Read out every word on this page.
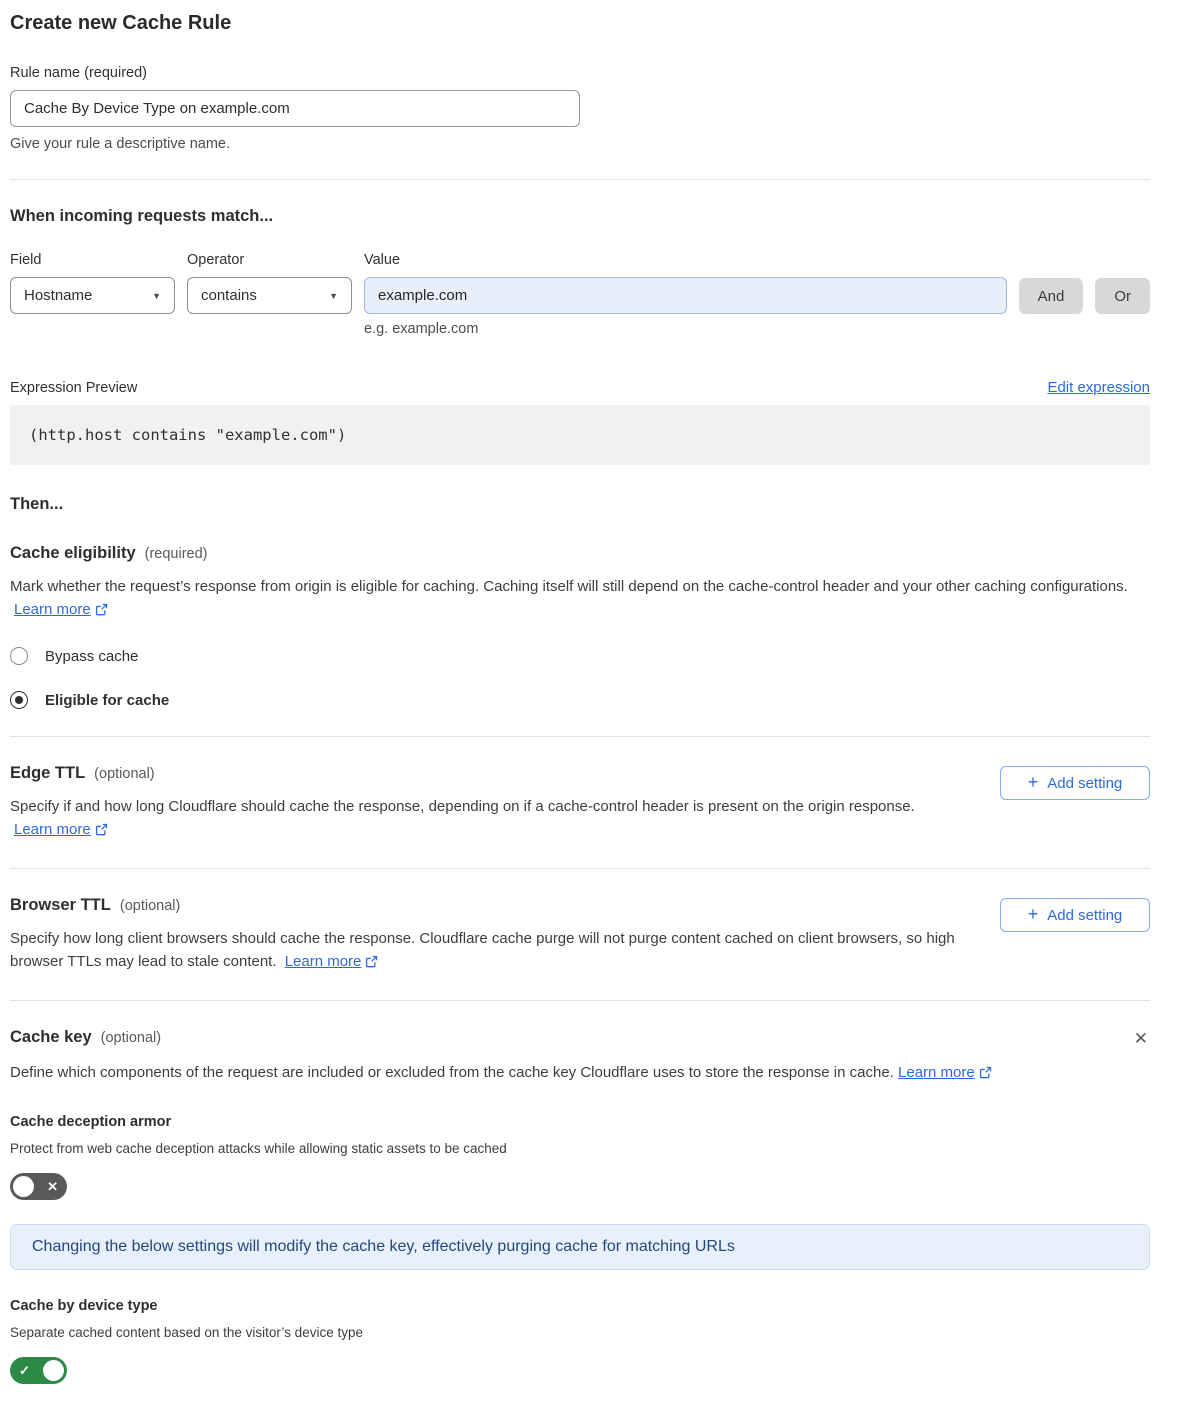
Create new Cache Rule
Rule name (required)
Cache By Device Type on example.com
Give your rule a descriptive name.
When incoming requests match...
Field
Hostname	▼
Operator
contains	▼
Value
example.com
And	Or
e.g. example.com
Expression Preview	Edit expression
(http.host contains "example.com")
Then...
Cache eligibility (required)

Mark whether the request’s response from origin is eligible for caching. Caching itself will still depend on the cache-control header and your other caching configurations. Learn more

Bypass cache
Eligible for cache
Edge TTL (optional)

Specify if and how long Cloudflare should cache the response, depending on if a cache-control header is present on the origin response. Learn more

+ Add setting
Browser TTL (optional)

Specify how long client browsers should cache the response. Cloudflare cache purge will not purge content cached on client browsers, so high browser TTLs may lead to stale content. Learn more

+ Add setting
Cache key (optional)	✕

Define which components of the request are included or excluded from the cache key Cloudflare uses to store the response in cache. Learn more

Cache deception armor
Protect from web cache deception attacks while allowing static assets to be cached
✕
Changing the below settings will modify the cache key, effectively purging cache for matching URLs
Cache by device type
Separate cached content based on the visitor’s device type
✓
